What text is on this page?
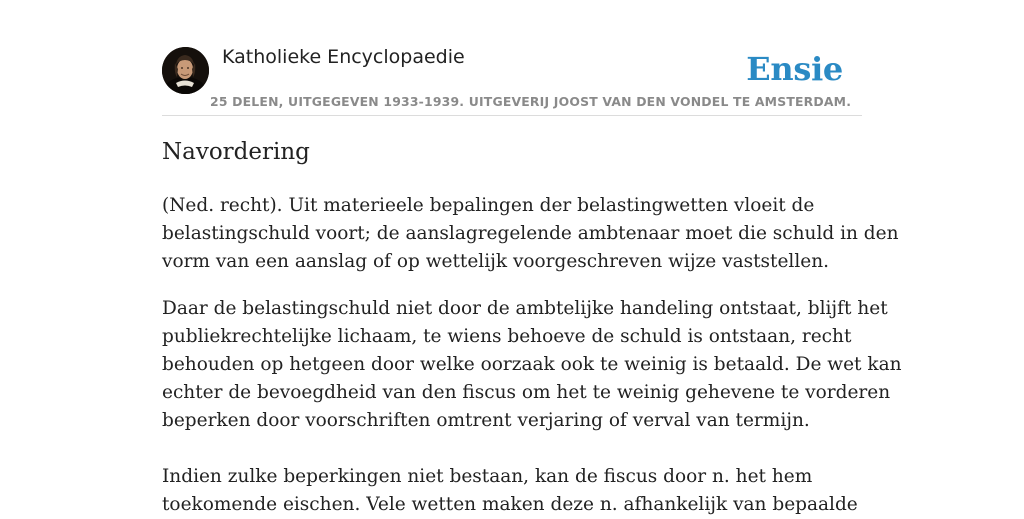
Katholieke Encyclopaedie	Ensie
25 DELEN, UITGEGEVEN 1933-1939. UITGEVERIJ JOOST VAN DEN VONDEL TE AMSTERDAM.
Navordering

(Ned. recht). Uit materieele bepalingen der belastingwetten vloeit de
belastingschuld voort; de aanslagregelende ambtenaar moet die schuld in den
vorm van een aanslag of op wettelijk voorgeschreven wijze vaststellen.

Daar de belastingschuld niet door de ambtelijke handeling ontstaat, blijft het
publiekrechtelijke lichaam, te wiens behoeve de schuld is ontstaan, recht
behouden op hetgeen door welke oorzaak ook te weinig is betaald. De wet kan
echter de bevoegdheid van den fiscus om het te weinig gehevene te vorderen
beperken door voorschriften omtrent verjaring of verval van termijn.

Indien zulke beperkingen niet bestaan, kan de fiscus door n. het hem
toekomende eischen. Vele wetten maken deze n. afhankelijk van bepaalde
